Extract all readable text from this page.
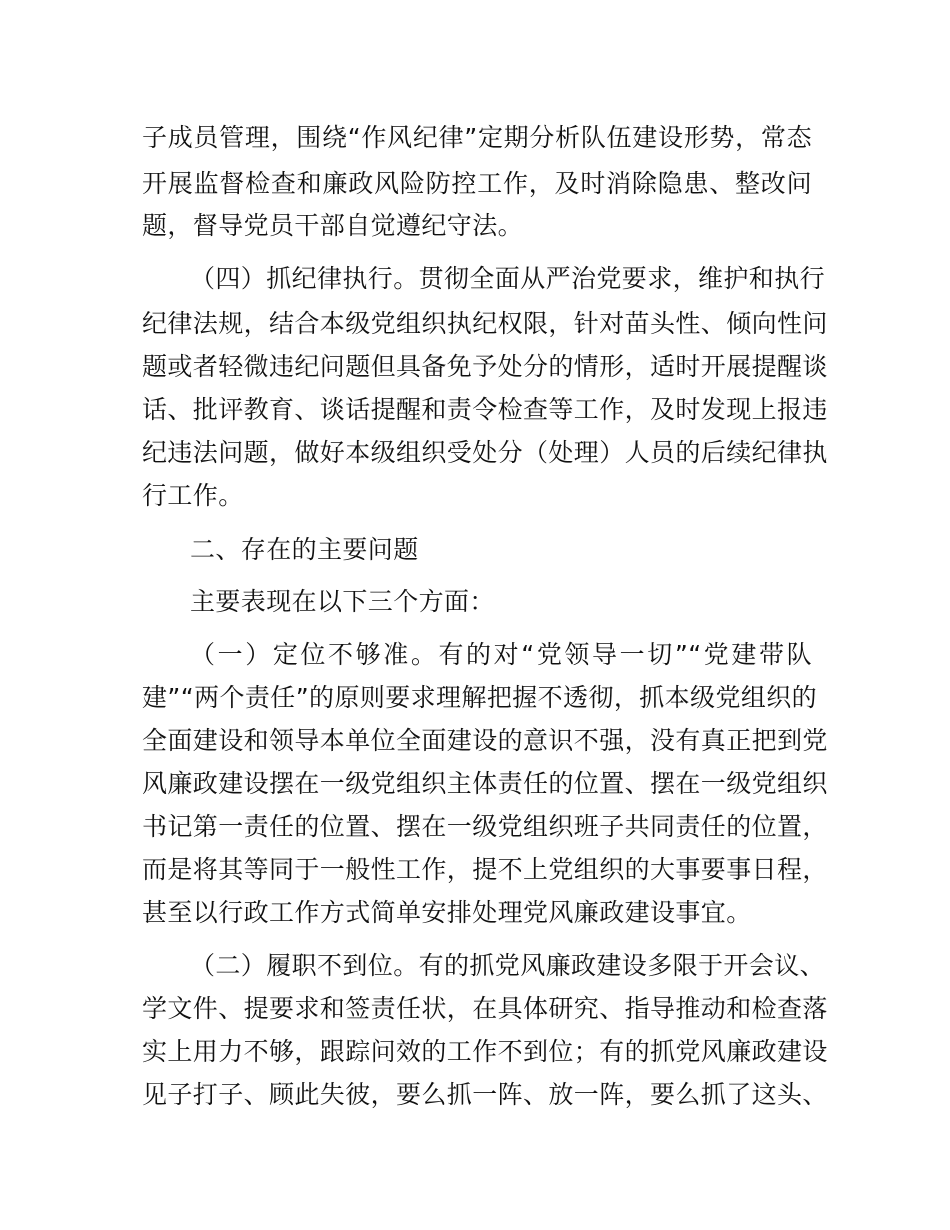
子成员管理，围绕“作风纪律”定期分析队伍建设形势，常态
开展监督检查和廉政风险防控工作，及时消除隐患、整改问
题，督导党员干部自觉遵纪守法。
（四）抓纪律执行。贯彻全面从严治党要求，维护和执行
纪律法规，结合本级党组织执纪权限，针对苗头性、倾向性问
题或者轻微违纪问题但具备免予处分的情形，适时开展提醒谈
话、批评教育、谈话提醒和责令检查等工作，及时发现上报违
纪违法问题，做好本级组织受处分（处理）人员的后续纪律执
行工作。
二、存在的主要问题
主要表现在以下三个方面：
（一）定位不够准。有的对“党领导一切”“党建带队
建”“两个责任”的原则要求理解把握不透彻，抓本级党组织的
全面建设和领导本单位全面建设的意识不强，没有真正把到党
风廉政建设摆在一级党组织主体责任的位置、摆在一级党组织
书记第一责任的位置、摆在一级党组织班子共同责任的位置，
而是将其等同于一般性工作，提不上党组织的大事要事日程，
甚至以行政工作方式简单安排处理党风廉政建设事宜。
（二）履职不到位。有的抓党风廉政建设多限于开会议、
学文件、提要求和签责任状，在具体研究、指导推动和检查落
实上用力不够，跟踪问效的工作不到位；有的抓党风廉政建设
见子打子、顾此失彼，要么抓一阵、放一阵，要么抓了这头、
